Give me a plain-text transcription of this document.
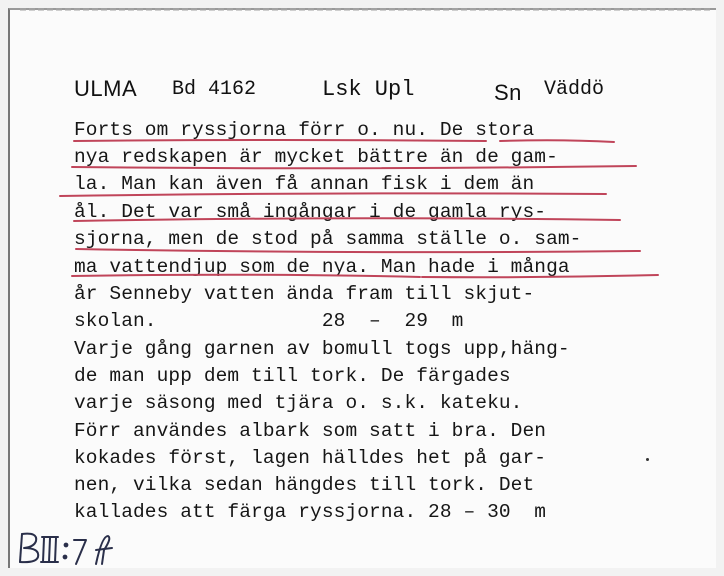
ULMA Bd 4162	Lsk Upl	Sn Väddö
Forts om ryssjorna förr o. nu. De stora
nya redskapen är mycket bättre än de gam-
la. Man kan även få annan fisk i dem än
ål. Det var små ingångar i de gamla rys-
sjorna, men de stod på samma ställe o. sam-
ma vattendjup som de nya. Man hade i många
år Senneby vatten ända fram till skjut-
skolan.              28  –  29  m
Varje gång garnen av bomull togs upp,häng-
de man upp dem till tork. De färgades
varje säsong med tjära o. s.k. kateku.
Förr användes albark som satt i bra. Den
kokades först, lagen hälldes het på gar-
nen, vilka sedan hängdes till tork. Det
kallades att färga ryssjorna. 28 – 30  m
